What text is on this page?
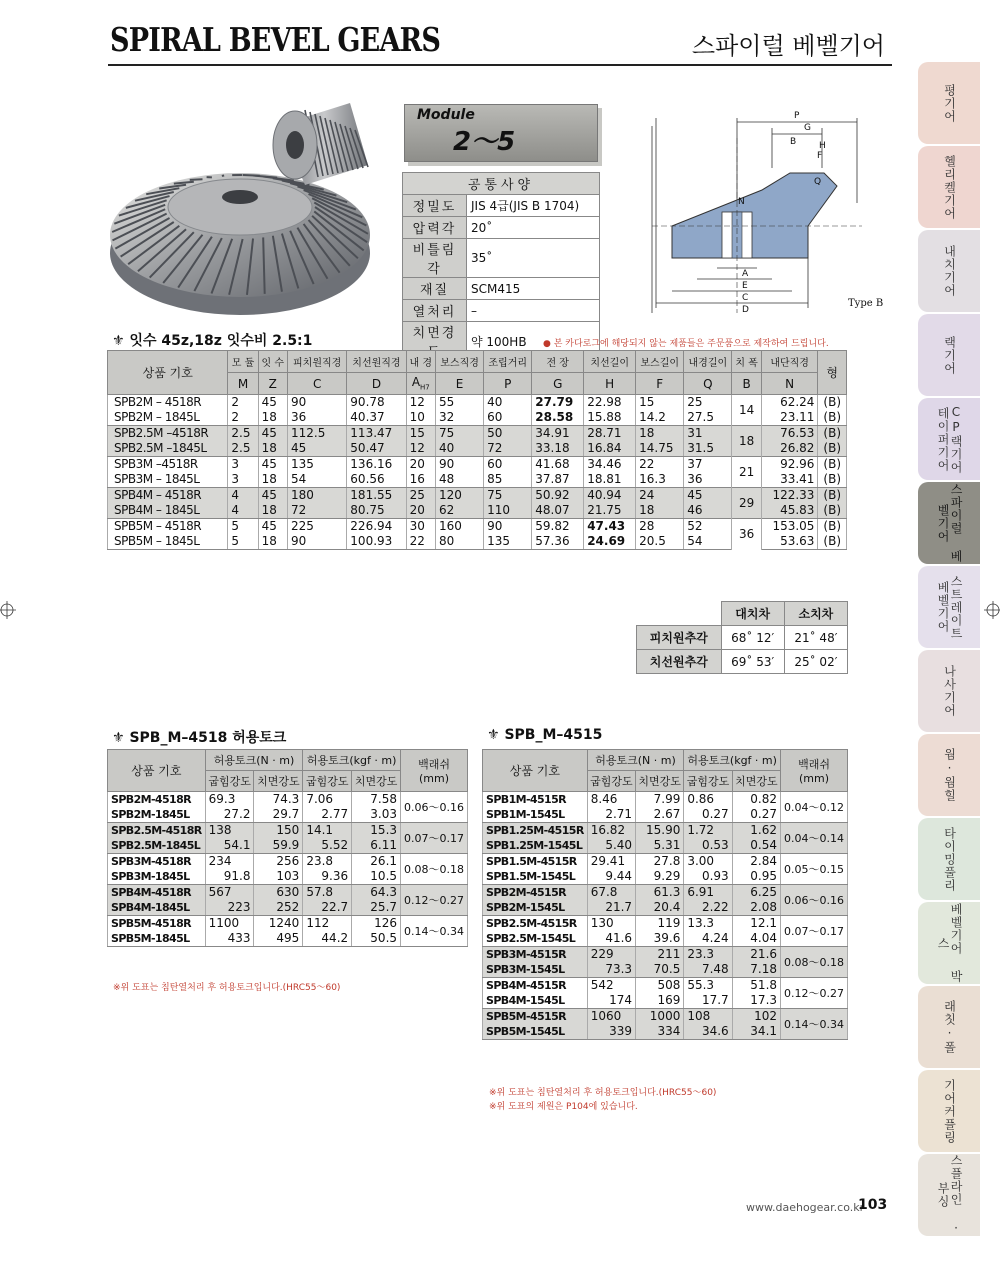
SPIRAL BEVEL GEARS	스파이럴 베벨기어
평기어
헬리켈기어
내치기어
랙기어
CP랙기어 테이퍼기어
스파이럴 베벨기어
스트레이트 베벨기어
나사기어
웜·웜힐
타이밍풀리
베벨기어 박스
래칫·폴
기어커플링
스플라인 ·부싱
Module
2～5
공통사양	
정밀도	JIS 4급(JIS B 1704)
압력각	20˚
비틀림각	35˚
재질	SCM415
열처리	–
치면경	약 100HB
P
G
B	H
F
Q
N
A
E
C
D
Type B
⚜ 잇수 45z,18z 잇수비 2.5:1	● 본 카다로그에 해당되지 않는 제품들은 주문품으로 제작하여 드립니다.
상품 기호	모 듈	잇 수	피치원직경	치선원직경	내 경	보스직경	조립거리	전 장	치선길이	보스길이	내경길이	치 폭	내단직경	형
	M	Z	C	D	$A_{H7}$	E	P	G	H	F	Q	B	N	
SPB2M – 4518R	2	45	90	90.78	12	55	40	27.79	22.98	15	25	14	62.24	(B)
SPB2M – 1845L	2	18	36	40.37	10	32	60	28.58	15.88	14.2	27.5		23.11	(B)
SPB2.5M –4518R	2.5	45	112.5	113.47	15	75	50	34.91	28.71	18	31	18	76.53	(B)
SPB2.5M –1845L	2.5	18	45	50.47	12	40	72	33.18	16.84	14.75	31.5		26.82	(B)
SPB3M –4518R	3	45	135	136.16	20	90	60	41.68	34.46	22	37	21	92.96	(B)
SPB3M – 1845L	3	18	54	60.56	16	48	85	37.87	18.81	16.3	36		33.41	(B)
SPB4M – 4518R	4	45	180	181.55	25	120	75	50.92	40.94	24	45	29	122.33	(B)
SPB4M – 1845L	4	18	72	80.75	20	62	110	48.07	21.75	18	46		45.83	(B)
SPB5M – 4518R	5	45	225	226.94	30	160	90	59.82	47.43	28	52	36	153.05	(B)
SPB5M – 1845L	5	18	90	100.93	22	80	135	57.36	24.69	20.5	54		53.63	(B)
	대치차	소치차
피치원추각	68˚ 12′	21˚ 48′
치선원추각	69˚ 53′	25˚ 02′
⚜ SPB_M–4518 허용토크
상품 기호	허용토크(N · m)		허용토크(kgf · m)		백래쉬 (mm)
	굽힘강도	치면강도	굽힘강도	치면강도	
SPB2M-4518R	69.3	74.3	7.06	7.58	0.06～0.16
SPB2M-1845L	27.2	29.7	2.77	3.03	
SPB2.5M-4518R	138	150	14.1	15.3	0.07～0.17
SPB2.5M-1845L	54.1	59.9	5.52	6.11	
SPB3M-4518R	234	256	23.8	26.1	0.08～0.18
SPB3M-1845L	91.8	103	9.36	10.5	
SPB4M-4518R	567	630	57.8	64.3	0.12～0.27
SPB4M-1845L	223	252	22.7	25.7	
SPB5M-4518R	1100	1240	112	126	0.14～0.34
SPB5M-1845L	433	495	44.2	50.5	
※위 도표는 침탄열처리 후 허용토크입니다.(HRC55～60)
⚜ SPB_M–4515
상품 기호	허용토크(N · m)		허용토크(kgf · m)		백래쉬 (mm)
	굽힘강도	치면강도	굽힘강도	치면강도	
SPB1M-4515R	8.46	7.99	0.86	0.82	0.04～0.12
SPB1M-1545L	2.71	2.67	0.27	0.27	
SPB1.25M-4515R	16.82	15.90	1.72	1.62	0.04～0.14
SPB1.25M-1545L	5.40	5.31	0.53	0.54	
SPB1.5M-4515R	29.41	27.8	3.00	2.84	0.05～0.15
SPB1.5M-1545L	9.44	9.29	0.93	0.95	
SPB2M-4515R	67.8	61.3	6.91	6.25	0.06～0.16
SPB2M-1545L	21.7	20.4	2.22	2.08	
SPB2.5M-4515R	130	119	13.3	12.1	0.07～0.17
SPB2.5M-1545L	41.6	39.6	4.24	4.04	
SPB3M-4515R	229	211	23.3	21.6	0.08～0.18
SPB3M-1545L	73.3	70.5	7.48	7.18	
SPB4M-4515R	542	508	55.3	51.8	0.12～0.27
SPB4M-1545L	174	169	17.7	17.3	
SPB5M-4515R	1060	1000	108	102	0.14～0.34
SPB5M-1545L	339	334	34.6	34.1	
※위 도표는 침탄열처리 후 허용토크입니다.(HRC55～60)
※위 도표의 제원은 P104에 있습니다.
www.daehogear.co.kr
103
